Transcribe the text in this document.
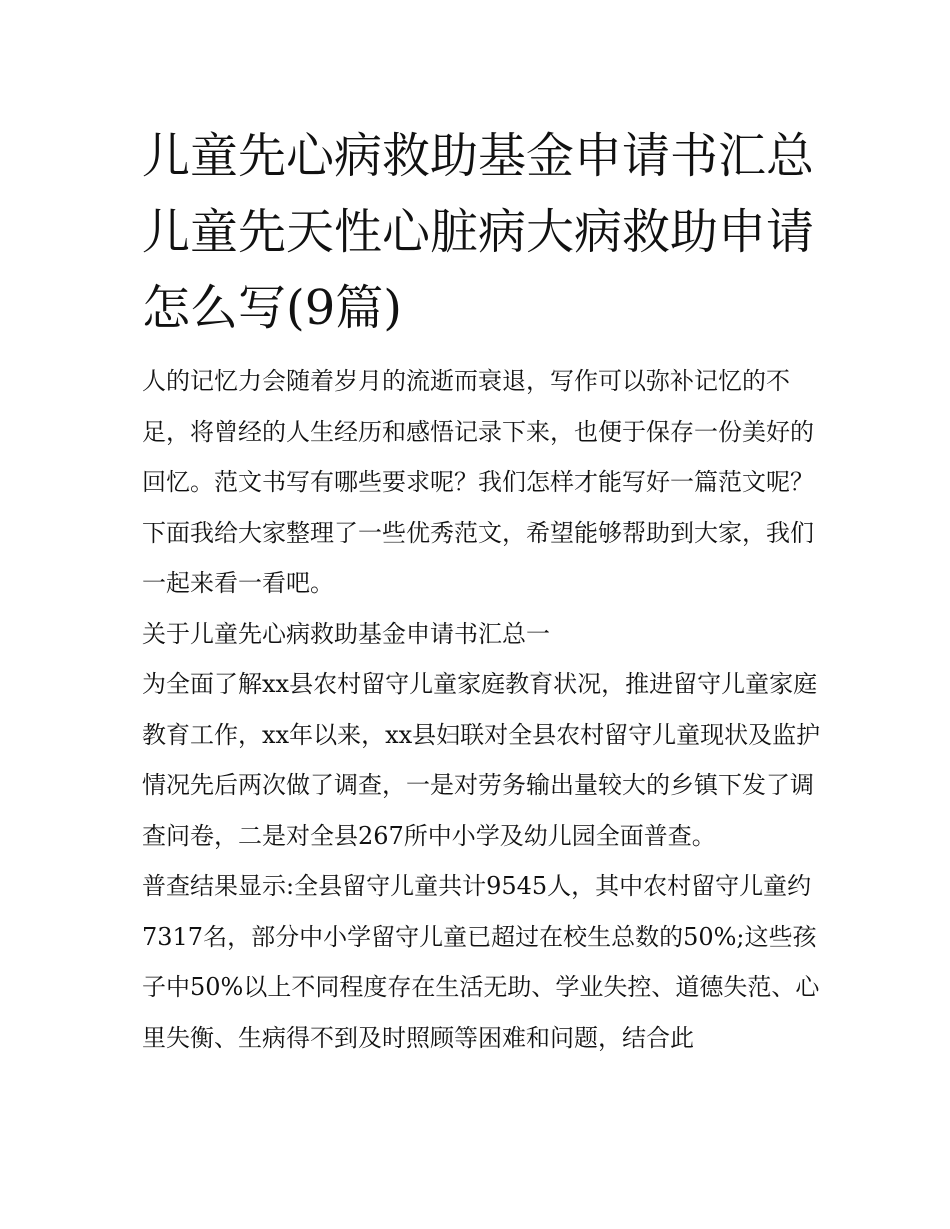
儿童先心病救助基金申请书汇总 儿童先天性心脏病大病救助申请怎么写(9篇)

人的记忆力会随着岁月的流逝而衰退，写作可以弥补记忆的不足，将曾经的人生经历和感悟记录下来，也便于保存一份美好的回忆。范文书写有哪些要求呢？我们怎样才能写好一篇范文呢？下面我给大家整理了一些优秀范文，希望能够帮助到大家，我们一起来看一看吧。

关于儿童先心病救助基金申请书汇总一

为全面了解xx县农村留守儿童家庭教育状况，推进留守儿童家庭教育工作，xx年以来，xx县妇联对全县农村留守儿童现状及监护情况先后两次做了调查，一是对劳务输出量较大的乡镇下发了调查问卷，二是对全县267所中小学及幼儿园全面普查。

普查结果显示:全县留守儿童共计9545人，其中农村留守儿童约7317名，部分中小学留守儿童已超过在校生总数的50%;这些孩子中50%以上不同程度存在生活无助、学业失控、道德失范、心里失衡、生病得不到及时照顾等困难和问题，结合此
